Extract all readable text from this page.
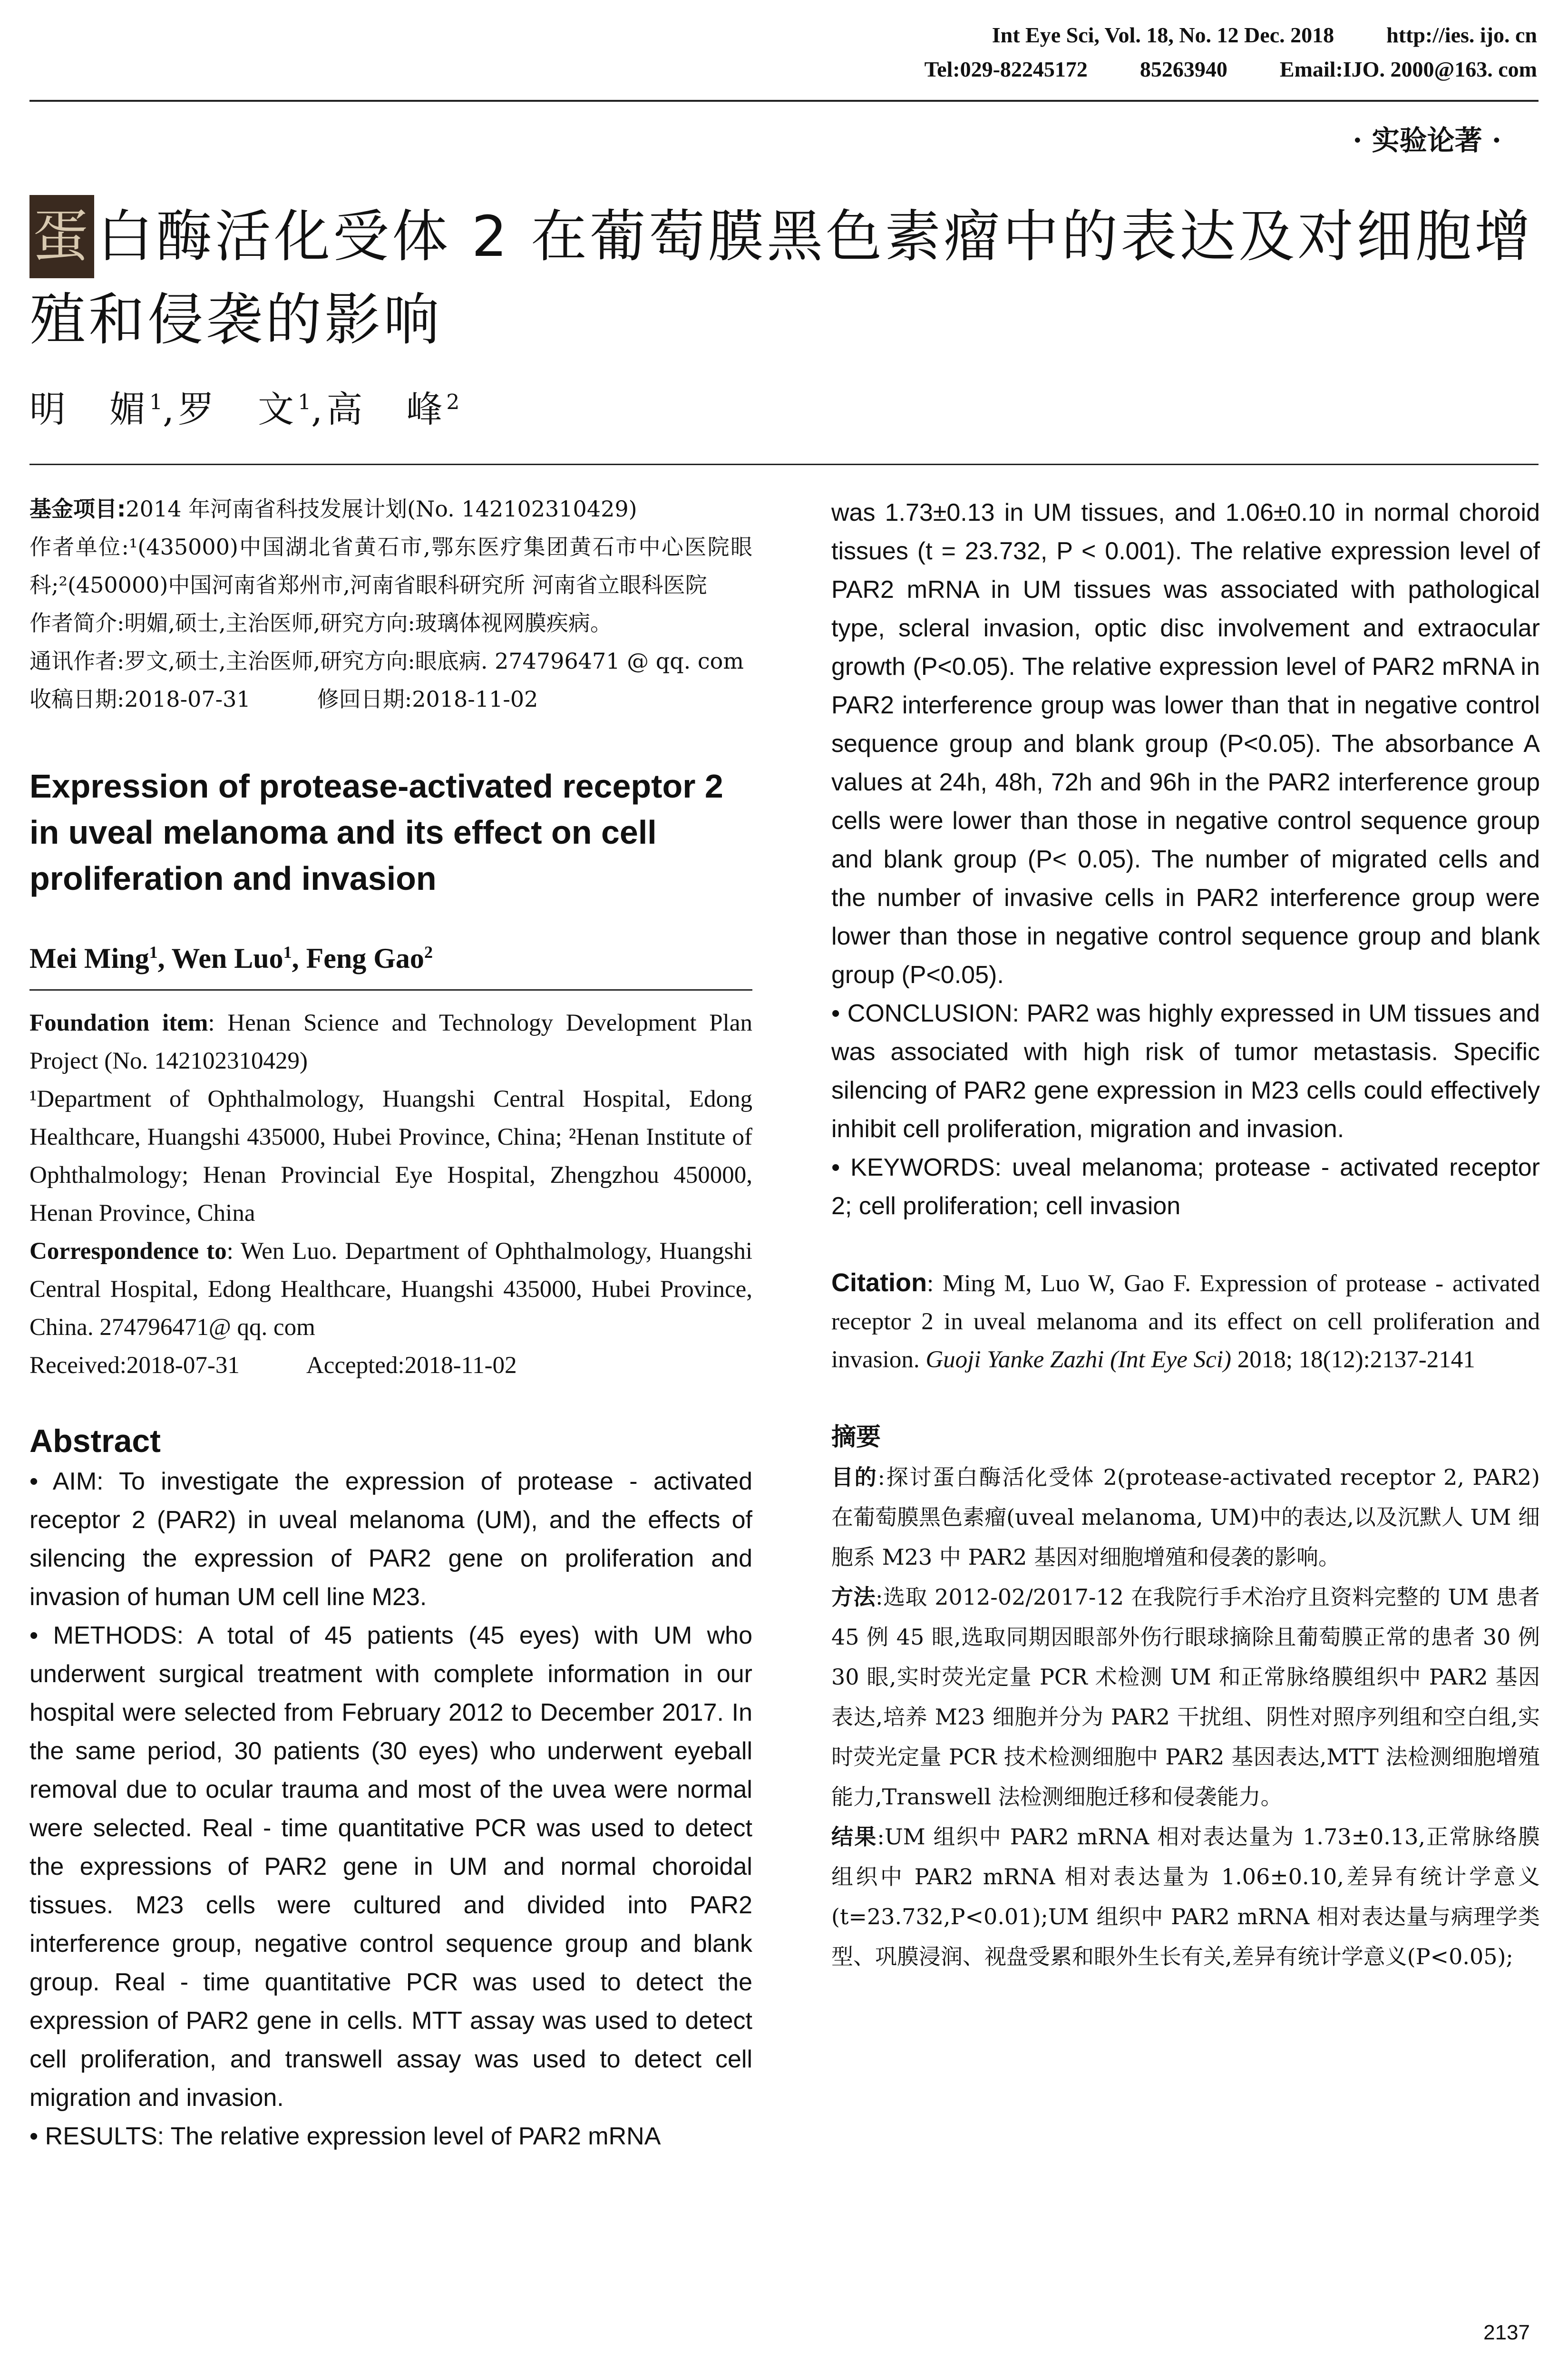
Int Eye Sci, Vol. 18, No. 12 Dec. 2018 http://ies. ijo. cn
Tel:029-82245172 85263940 Email:IJO. 2000@163. com
· 实验论著 ·
蛋 白酶活化受体 2 在葡萄膜黑色素瘤中的表达及对细胞增殖和侵袭的影响
明　媚$^1$,罗　文$^1$,高　峰$^2$

基金项目:2014 年河南省科技发展计划(No. 142102310429)

作者单位:¹(435000)中国湖北省黄石市,鄂东医疗集团黄石市中心医院眼科;²(450000)中国河南省郑州市,河南省眼科研究所 河南省立眼科医院

作者简介:明媚,硕士,主治医师,研究方向:玻璃体视网膜疾病。

通讯作者:罗文,硕士,主治医师,研究方向:眼底病. 274796471 @ qq. com

收稿日期:2018-07-31	修回日期:2018-11-02

Expression of protease-activated receptor 2 in uveal melanoma and its effect on cell proliferation and invasion
Mei Ming$^1$, Wen Luo$^1$, Feng Gao$^2$

Foundation item: Henan Science and Technology Development Plan Project (No. 142102310429)

¹Department of Ophthalmology, Huangshi Central Hospital, Edong Healthcare, Huangshi 435000, Hubei Province, China; ²Henan Institute of Ophthalmology; Henan Provincial Eye Hospital, Zhengzhou 450000, Henan Province, China

Correspondence to: Wen Luo. Department of Ophthalmology, Huangshi Central Hospital, Edong Healthcare, Huangshi 435000, Hubei Province, China. 274796471@ qq. com

Received:2018-07-31	Accepted:2018-11-02

Abstract

• AIM: To investigate the expression of protease - activated receptor 2 (PAR2) in uveal melanoma (UM), and the effects of silencing the expression of PAR2 gene on proliferation and invasion of human UM cell line M23.

• METHODS: A total of 45 patients (45 eyes) with UM who underwent surgical treatment with complete information in our hospital were selected from February 2012 to December 2017. In the same period, 30 patients (30 eyes) who underwent eyeball removal due to ocular trauma and most of the uvea were normal were selected. Real - time quantitative PCR was used to detect the expressions of PAR2 gene in UM and normal choroidal tissues. M23 cells were cultured and divided into PAR2 interference group, negative control sequence group and blank group. Real - time quantitative PCR was used to detect the expression of PAR2 gene in cells. MTT assay was used to detect cell proliferation, and transwell assay was used to detect cell migration and invasion.

• RESULTS: The relative expression level of PAR2 mRNA

was 1.73±0.13 in UM tissues, and 1.06±0.10 in normal choroid tissues (t = 23.732, P < 0.001). The relative expression level of PAR2 mRNA in UM tissues was associated with pathological type, scleral invasion, optic disc involvement and extraocular growth (P<0.05). The relative expression level of PAR2 mRNA in PAR2 interference group was lower than that in negative control sequence group and blank group (P<0.05). The absorbance A values at 24h, 48h, 72h and 96h in the PAR2 interference group cells were lower than those in negative control sequence group and blank group (P< 0.05). The number of migrated cells and the number of invasive cells in PAR2 interference group were lower than those in negative control sequence group and blank group (P<0.05).

• CONCLUSION: PAR2 was highly expressed in UM tissues and was associated with high risk of tumor metastasis. Specific silencing of PAR2 gene expression in M23 cells could effectively inhibit cell proliferation, migration and invasion.

• KEYWORDS: uveal melanoma; protease - activated receptor 2; cell proliferation; cell invasion

Citation: Ming M, Luo W, Gao F. Expression of protease - activated receptor 2 in uveal melanoma and its effect on cell proliferation and invasion. Guoji Yanke Zazhi (Int Eye Sci) 2018; 18(12):2137-2141
摘要

目的:探讨蛋白酶活化受体 2(protease-activated receptor 2, PAR2)在葡萄膜黑色素瘤(uveal melanoma, UM)中的表达,以及沉默人 UM 细胞系 M23 中 PAR2 基因对细胞增殖和侵袭的影响。

方法:选取 2012-02/2017-12 在我院行手术治疗且资料完整的 UM 患者 45 例 45 眼,选取同期因眼部外伤行眼球摘除且葡萄膜正常的患者 30 例 30 眼,实时荧光定量 PCR 术检测 UM 和正常脉络膜组织中 PAR2 基因表达,培养 M23 细胞并分为 PAR2 干扰组、阴性对照序列组和空白组,实时荧光定量 PCR 技术检测细胞中 PAR2 基因表达,MTT 法检测细胞增殖能力,Transwell 法检测细胞迁移和侵袭能力。

结果:UM 组织中 PAR2 mRNA 相对表达量为 1.73±0.13,正常脉络膜组织中 PAR2 mRNA 相对表达量为 1.06±0.10,差异有统计学意义(t=23.732,P<0.01);UM 组织中 PAR2 mRNA 相对表达量与病理学类型、巩膜浸润、视盘受累和眼外生长有关,差异有统计学意义(P<0.05);

2137
